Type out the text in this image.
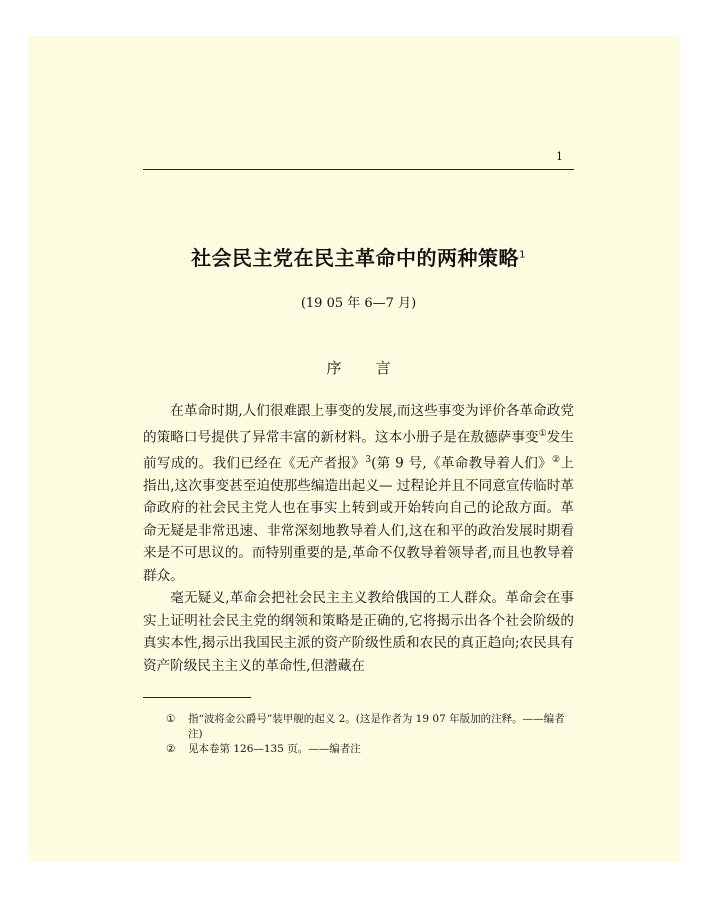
1
社会民主党在民主革命中的两种策略$^1$
(19 05 年 6—7 月)
序 言

在革命时期,人们很难跟上事变的发展,而这些事变为评价各革命政党的策略口号提供了异常丰富的新材料。这本小册子是在敖德萨事变①发生前写成的。我们已经在《无产者报》$^3$(第 9 号,《革命教导着人们》②上指出,这次事变甚至迫使那些编造出起义— 过程论并且不同意宣传临时革命政府的社会民主党人也在事实上转到或开始转向自己的论敌方面。革命无疑是非常迅速、非常深刻地教导着人们,这在和平的政治发展时期看来是不可思议的。而特别重要的是,革命不仅教导着领导者,而且也教导着群众。

毫无疑义,革命会把社会民主主义教给俄国的工人群众。革命会在事实上证明社会民主党的纲领和策略是正确的,它将揭示出各个社会阶级的真实本性,揭示出我国民主派的资产阶级性质和农民的真正趋向;农民具有资产阶级民主主义的革命性,但潜藏在

①	指“波将金公爵号”装甲舰的起义 2。(这是作者为 19 07 年版加的注释。——编者注)
②	见本卷第 126—135 页。——编者注
